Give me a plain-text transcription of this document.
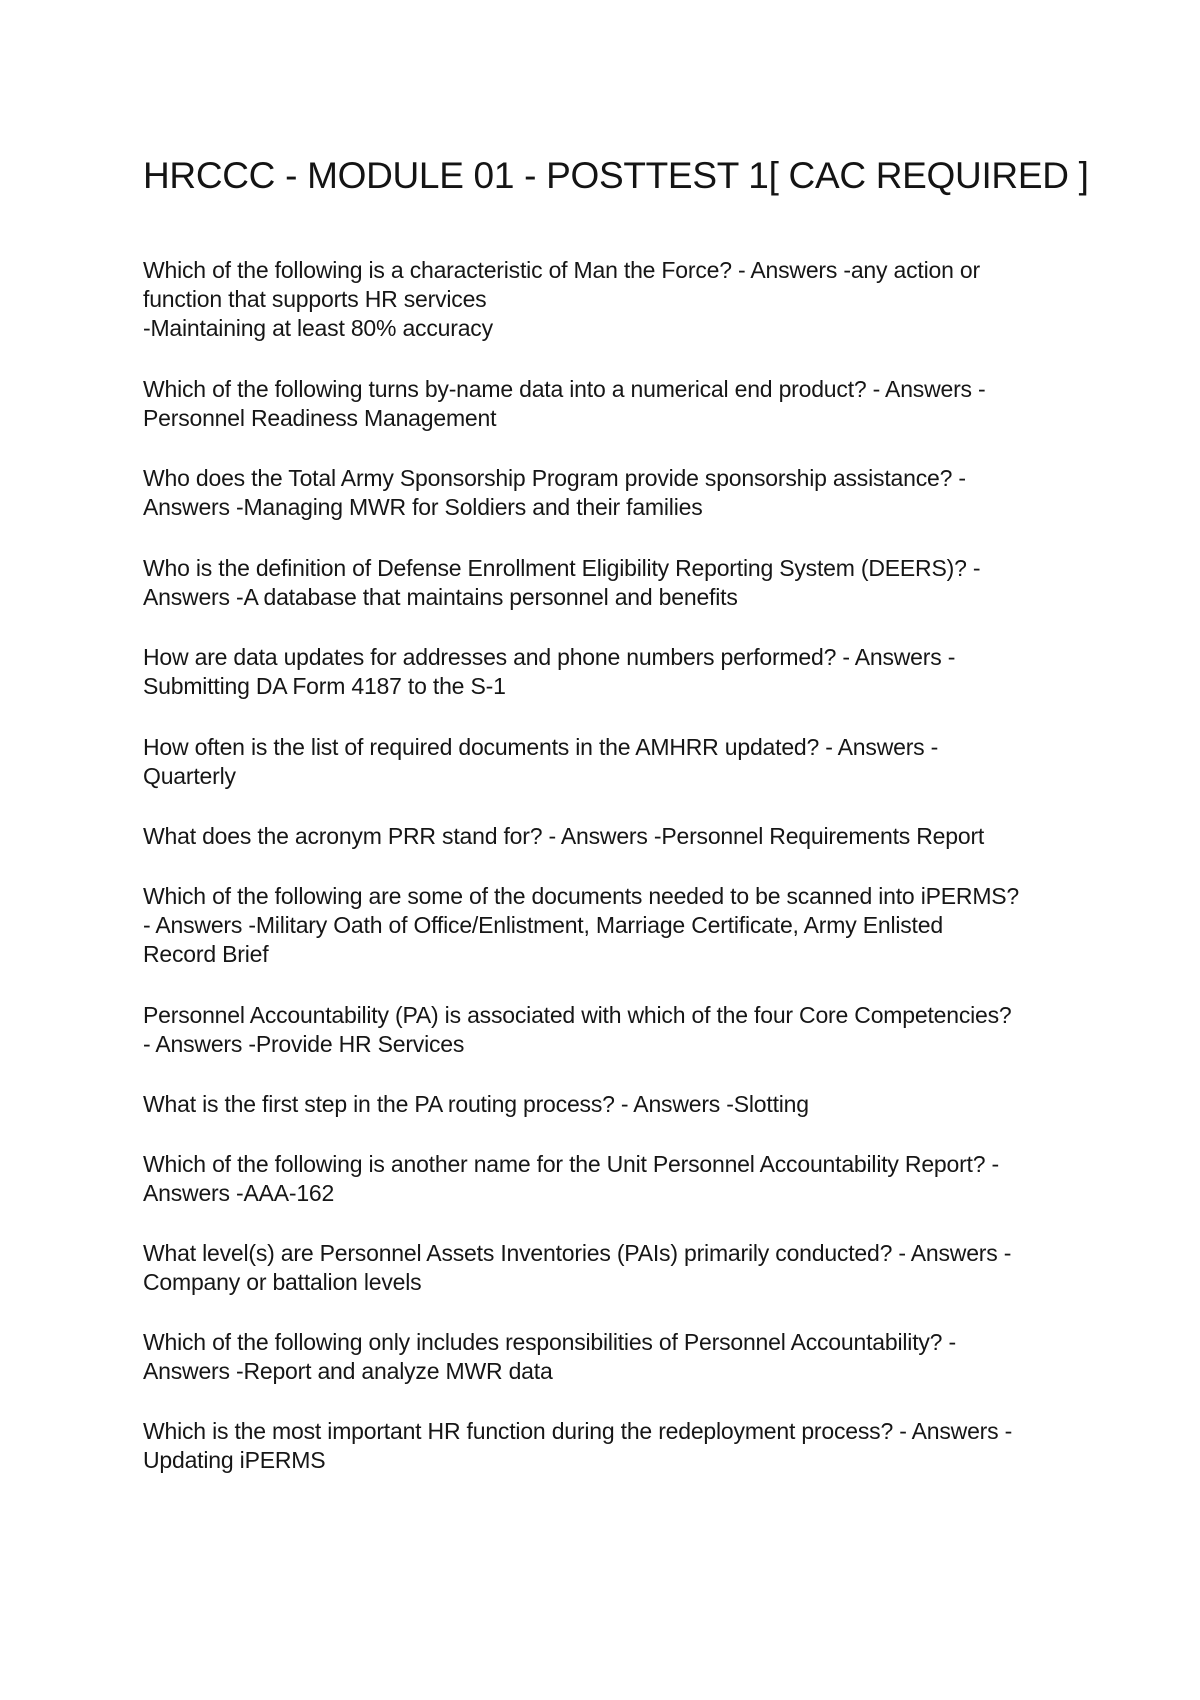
HRCCC - MODULE 01 - POSTTEST 1[ CAC REQUIRED ]

Which of the following is a characteristic of Man the Force? - Answers -any action or
function that supports HR services
-Maintaining at least 80% accuracy

Which of the following turns by-name data into a numerical end product? - Answers -
Personnel Readiness Management

Who does the Total Army Sponsorship Program provide sponsorship assistance? -
Answers -Managing MWR for Soldiers and their families

Who is the definition of Defense Enrollment Eligibility Reporting System (DEERS)? -
Answers -A database that maintains personnel and benefits

How are data updates for addresses and phone numbers performed? - Answers -
Submitting DA Form 4187 to the S-1

How often is the list of required documents in the AMHRR updated? - Answers -
Quarterly

What does the acronym PRR stand for? - Answers -Personnel Requirements Report

Which of the following are some of the documents needed to be scanned into iPERMS?
- Answers -Military Oath of Office/Enlistment, Marriage Certificate, Army Enlisted
Record Brief

Personnel Accountability (PA) is associated with which of the four Core Competencies?
- Answers -Provide HR Services

What is the first step in the PA routing process? - Answers -Slotting

Which of the following is another name for the Unit Personnel Accountability Report? -
Answers -AAA-162

What level(s) are Personnel Assets Inventories (PAIs) primarily conducted? - Answers -
Company or battalion levels

Which of the following only includes responsibilities of Personnel Accountability? -
Answers -Report and analyze MWR data

Which is the most important HR function during the redeployment process? - Answers -
Updating iPERMS
